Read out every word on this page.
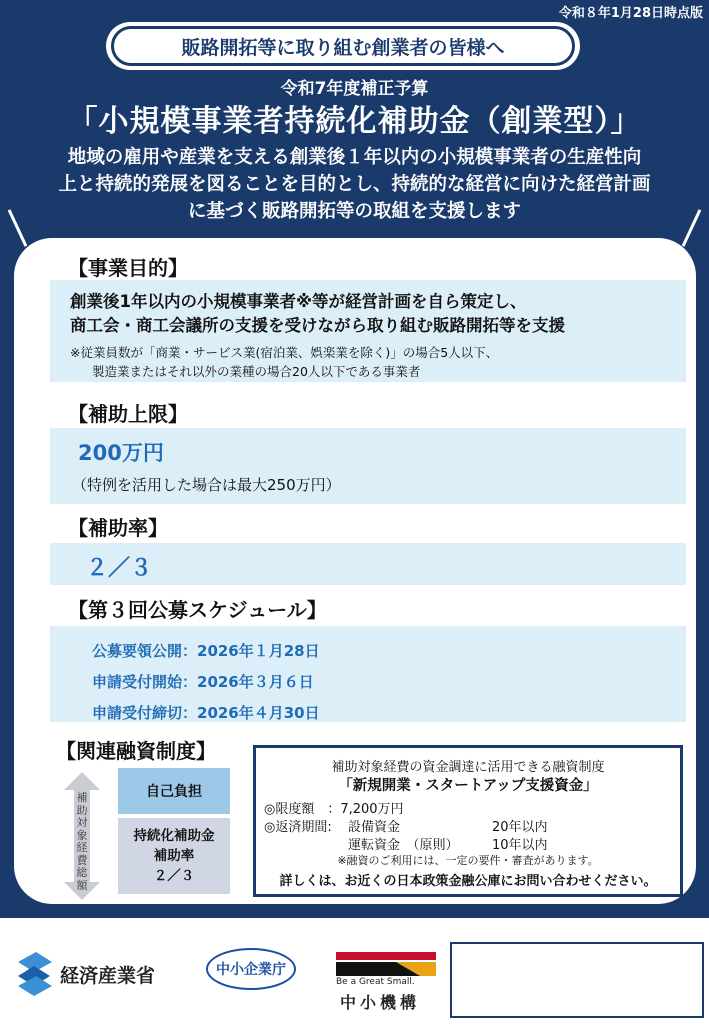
令和８年1月28日時点版
販路開拓等に取り組む創業者の皆様へ
令和7年度補正予算
「小規模事業者持続化補助金（創業型）」
地域の雇用や産業を支える創業後１年以内の小規模事業者の生産性向
上と持続的発展を図ることを目的とし、持続的な経営に向けた経営計画
に基づく販路開拓等の取組を支援します
【事業目的】
創業後1年以内の小規模事業者※等が経営計画を自ら策定し、
商工会・商工会議所の支援を受けながら取り組む販路開拓等を支援
※従業員数が「商業・サービス業(宿泊業、娯楽業を除く)」の場合5人以下、
製造業またはそれ以外の業種の場合20人以下である事業者
【補助上限】
200万円
（特例を活用した場合は最大250万円）
【補助率】
２／３
【第３回公募スケジュール】
公募要領公開：2026年１月28日
申請受付開始：2026年３月６日
申請受付締切：2026年４月30日
【関連融資制度】
補助対象経費総額
自己負担
持続化補助金
補助率
２／３
補助対象経費の資金調達に活用できる融資制度
「新規開業・スタートアップ支援資金」
◎限度額　：7,200万円
◎返済期間: 設備資金	20年以内
運転資金　（原則）	10年以内
※融資のご利用には、一定の要件・審査があります。
詳しくは、お近くの日本政策金融公庫にお問い合わせください。
経済産業省	中小企業庁
Be a Great Small.
中小機構
